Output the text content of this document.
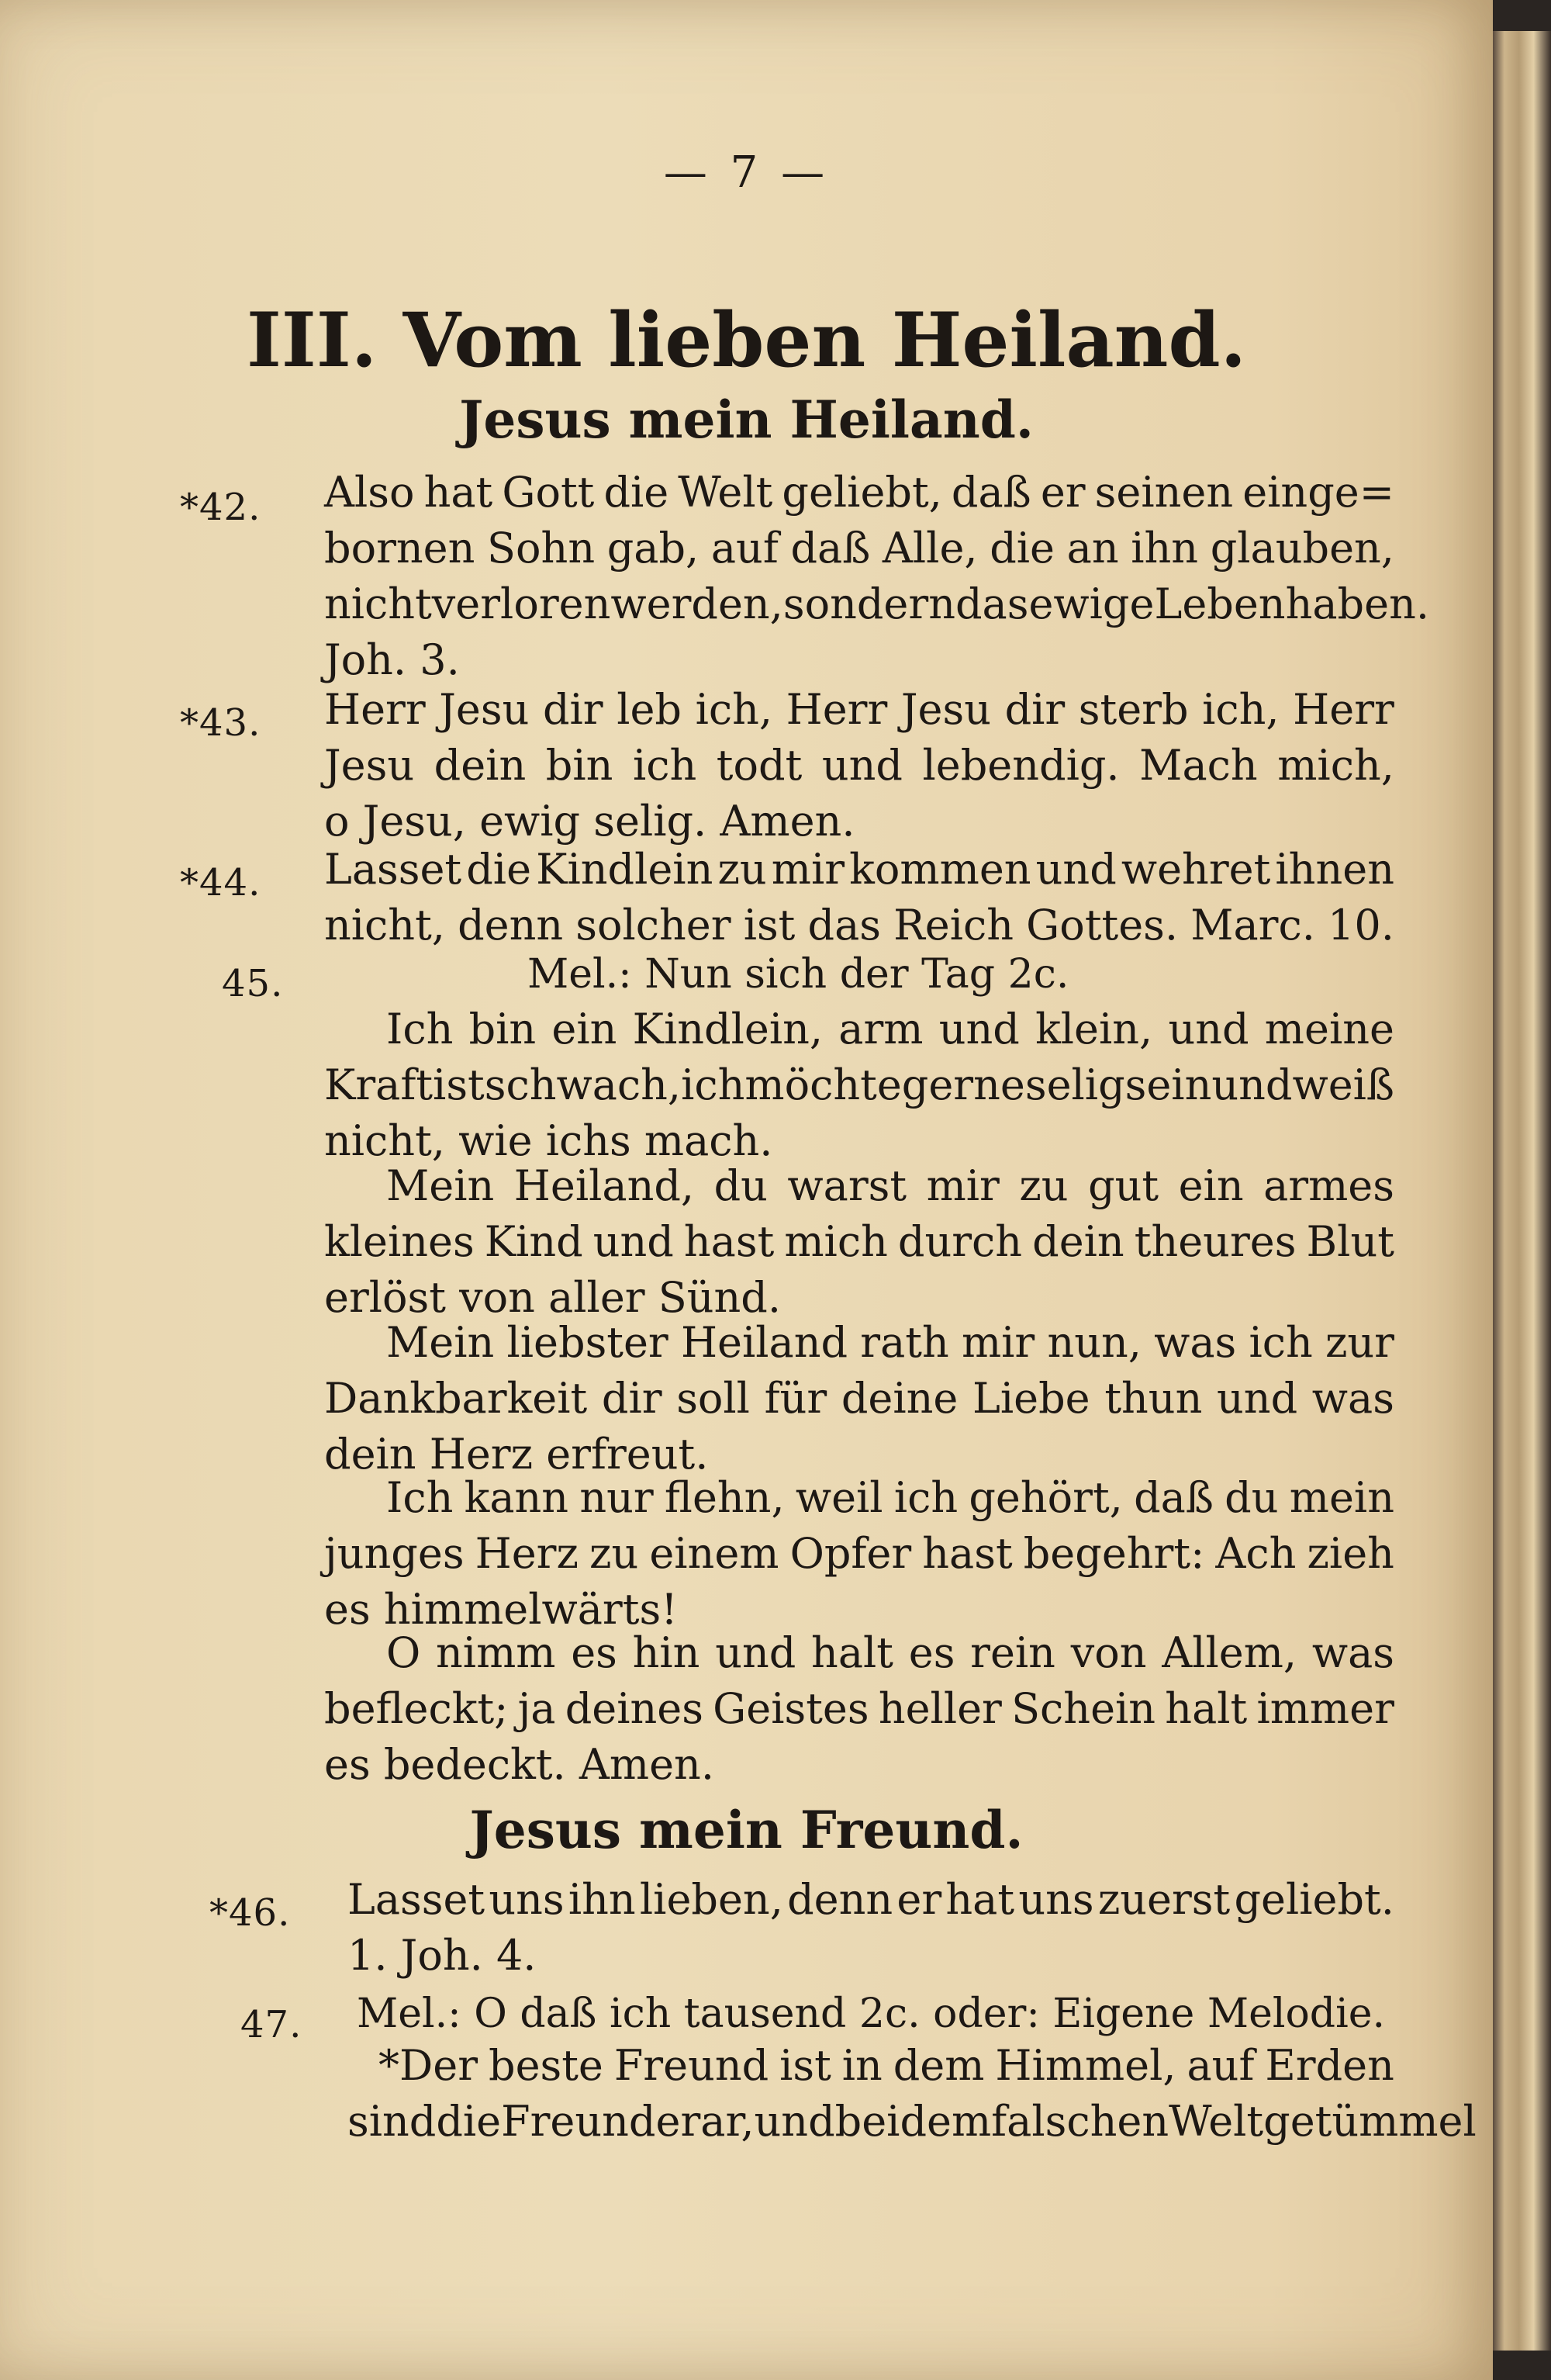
— 7 —
III. Vom lieben Heiland.
Jesus mein Heiland.
*42. Also hat Gott die Welt geliebt, daß er seinen einge=
bornen Sohn gab, auf daß Alle, die an ihn glauben,
nicht verloren werden, sondern das ewige Leben haben.
Joh. 3.
*43. Herr Jesu dir leb ich, Herr Jesu dir sterb ich, Herr
Jesu dein bin ich todt und lebendig. Mach mich,
o Jesu, ewig selig. Amen.
*44. Lasset die Kindlein zu mir kommen und wehret ihnen
nicht, denn solcher ist das Reich Gottes. Marc. 10.
45.	Mel.: Nun sich der Tag 2c.
Ich bin ein Kindlein, arm und klein, und meine
Kraft ist schwach, ich möchte gerne selig sein und weiß
nicht, wie ichs mach.
Mein Heiland, du warst mir zu gut ein armes
kleines Kind und hast mich durch dein theures Blut
erlöst von aller Sünd.
Mein liebster Heiland rath mir nun, was ich zur
Dankbarkeit dir soll für deine Liebe thun und was
dein Herz erfreut.
Ich kann nur flehn, weil ich gehört, daß du mein
junges Herz zu einem Opfer hast begehrt: Ach zieh
es himmelwärts!
O nimm es hin und halt es rein von Allem, was
befleckt; ja deines Geistes heller Schein halt immer
es bedeckt. Amen.
Jesus mein Freund.
*46. Lasset uns ihn lieben, denn er hat uns zuerst geliebt.
1. Joh. 4.
47. Mel.: O daß ich tausend 2c. oder: Eigene Melodie.
*Der beste Freund ist in dem Himmel, auf Erden
sind die Freunde rar, und bei dem falschen Weltgetümmel
